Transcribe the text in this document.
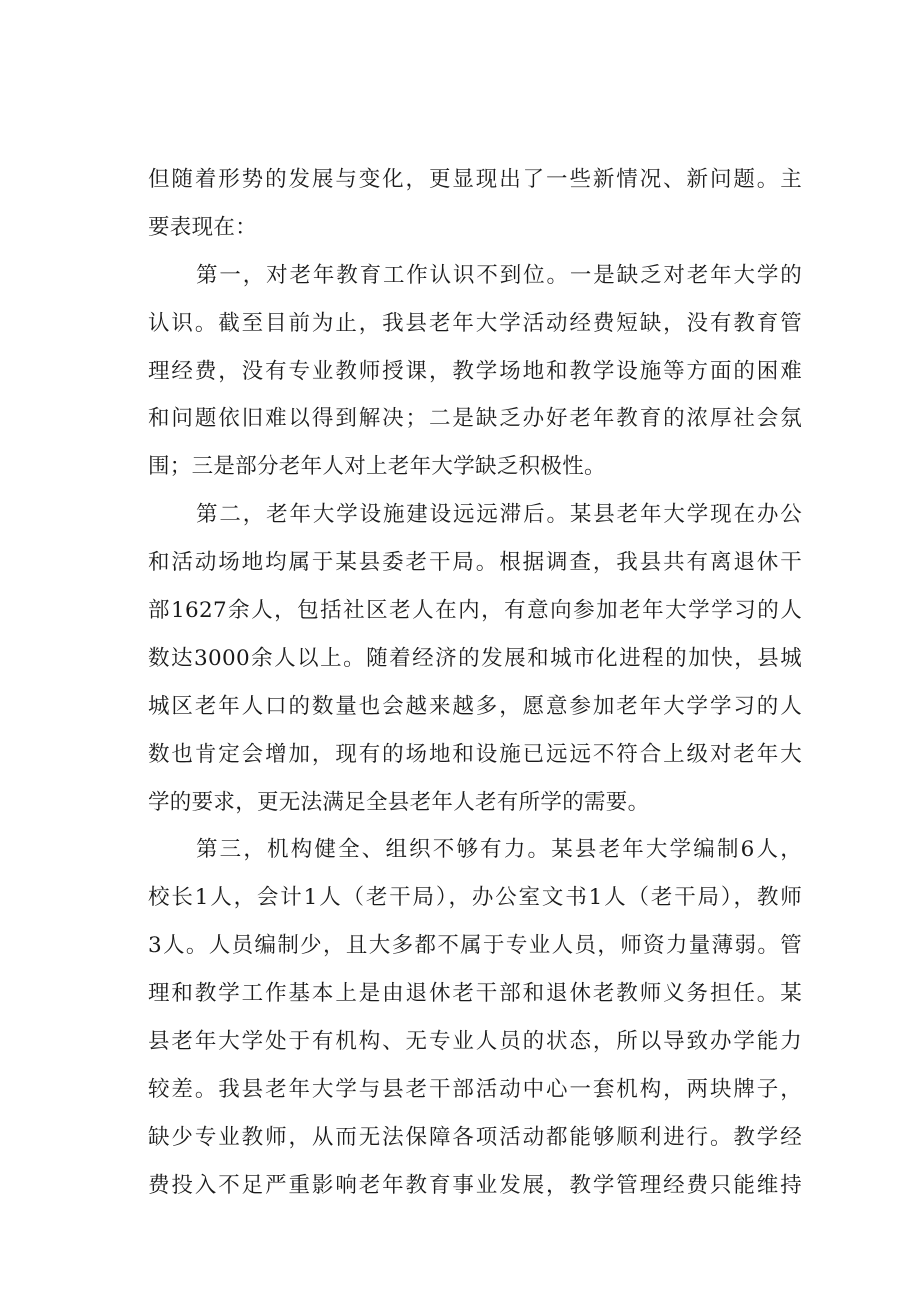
但随着形势的发展与变化，更显现出了一些新情况、新问题。主
要表现在：
第一，对老年教育工作认识不到位。一是缺乏对老年大学的
认识。截至目前为止，我县老年大学活动经费短缺，没有教育管
理经费，没有专业教师授课，教学场地和教学设施等方面的困难
和问题依旧难以得到解决；二是缺乏办好老年教育的浓厚社会氛
围；三是部分老年人对上老年大学缺乏积极性。
第二，老年大学设施建设远远滞后。某县老年大学现在办公
和活动场地均属于某县委老干局。根据调查，我县共有离退休干
部1627余人，包括社区老人在内，有意向参加老年大学学习的人
数达3000余人以上。随着经济的发展和城市化进程的加快，县城
城区老年人口的数量也会越来越多，愿意参加老年大学学习的人
数也肯定会增加，现有的场地和设施已远远不符合上级对老年大
学的要求，更无法满足全县老年人老有所学的需要。
第三，机构健全、组织不够有力。某县老年大学编制6人，
校长1人，会计1人（老干局），办公室文书1人（老干局），教师
3人。人员编制少，且大多都不属于专业人员，师资力量薄弱。管
理和教学工作基本上是由退休老干部和退休老教师义务担任。某
县老年大学处于有机构、无专业人员的状态，所以导致办学能力
较差。我县老年大学与县老干部活动中心一套机构，两块牌子，
缺少专业教师，从而无法保障各项活动都能够顺利进行。教学经
费投入不足严重影响老年教育事业发展，教学管理经费只能维持
